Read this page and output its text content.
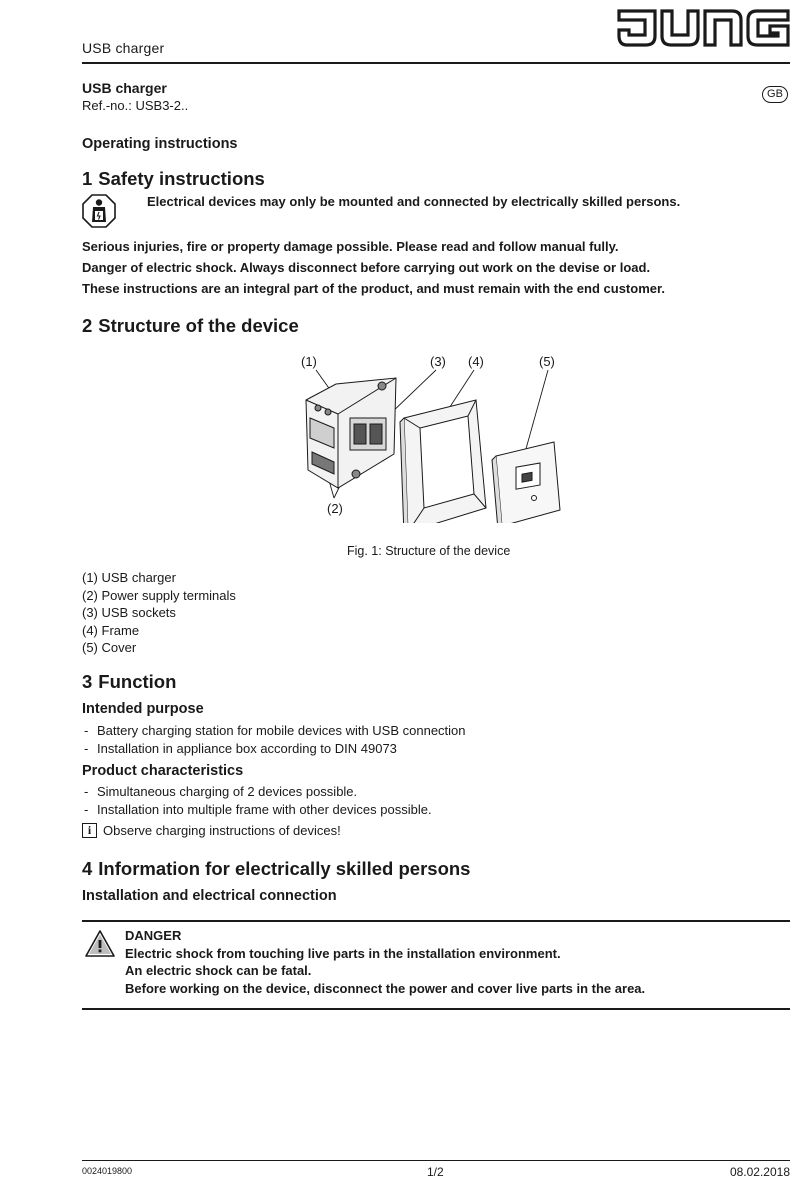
USB charger
USB charger
Ref.-no.: USB3-2..
GB
Operating instructions
1 Safety instructions
Electrical devices may only be mounted and connected by electrically skilled persons.
Serious injuries, fire or property damage possible. Please read and follow manual fully.
Danger of electric shock. Always disconnect before carrying out work on the devise or load.
These instructions are an integral part of the product, and must remain with the end customer.
2 Structure of the device
(1)	(3) (4)	(5)
(2)
Fig. 1: Structure of the device
(1) USB charger
(2) Power supply terminals
(3) USB sockets
(4) Frame
(5) Cover
3 Function
Intended purpose
- Battery charging station for mobile devices with USB connection
- Installation in appliance box according to DIN 49073
Product characteristics
- Simultaneous charging of 2 devices possible.
- Installation into multiple frame with other devices possible.
i Observe charging instructions of devices!
4 Information for electrically skilled persons
Installation and electrical connection
DANGER
Electric shock from touching live parts in the installation environment.
An electric shock can be fatal.
Before working on the device, disconnect the power and cover live parts in the area.
0024019800	1/2	08.02.2018
